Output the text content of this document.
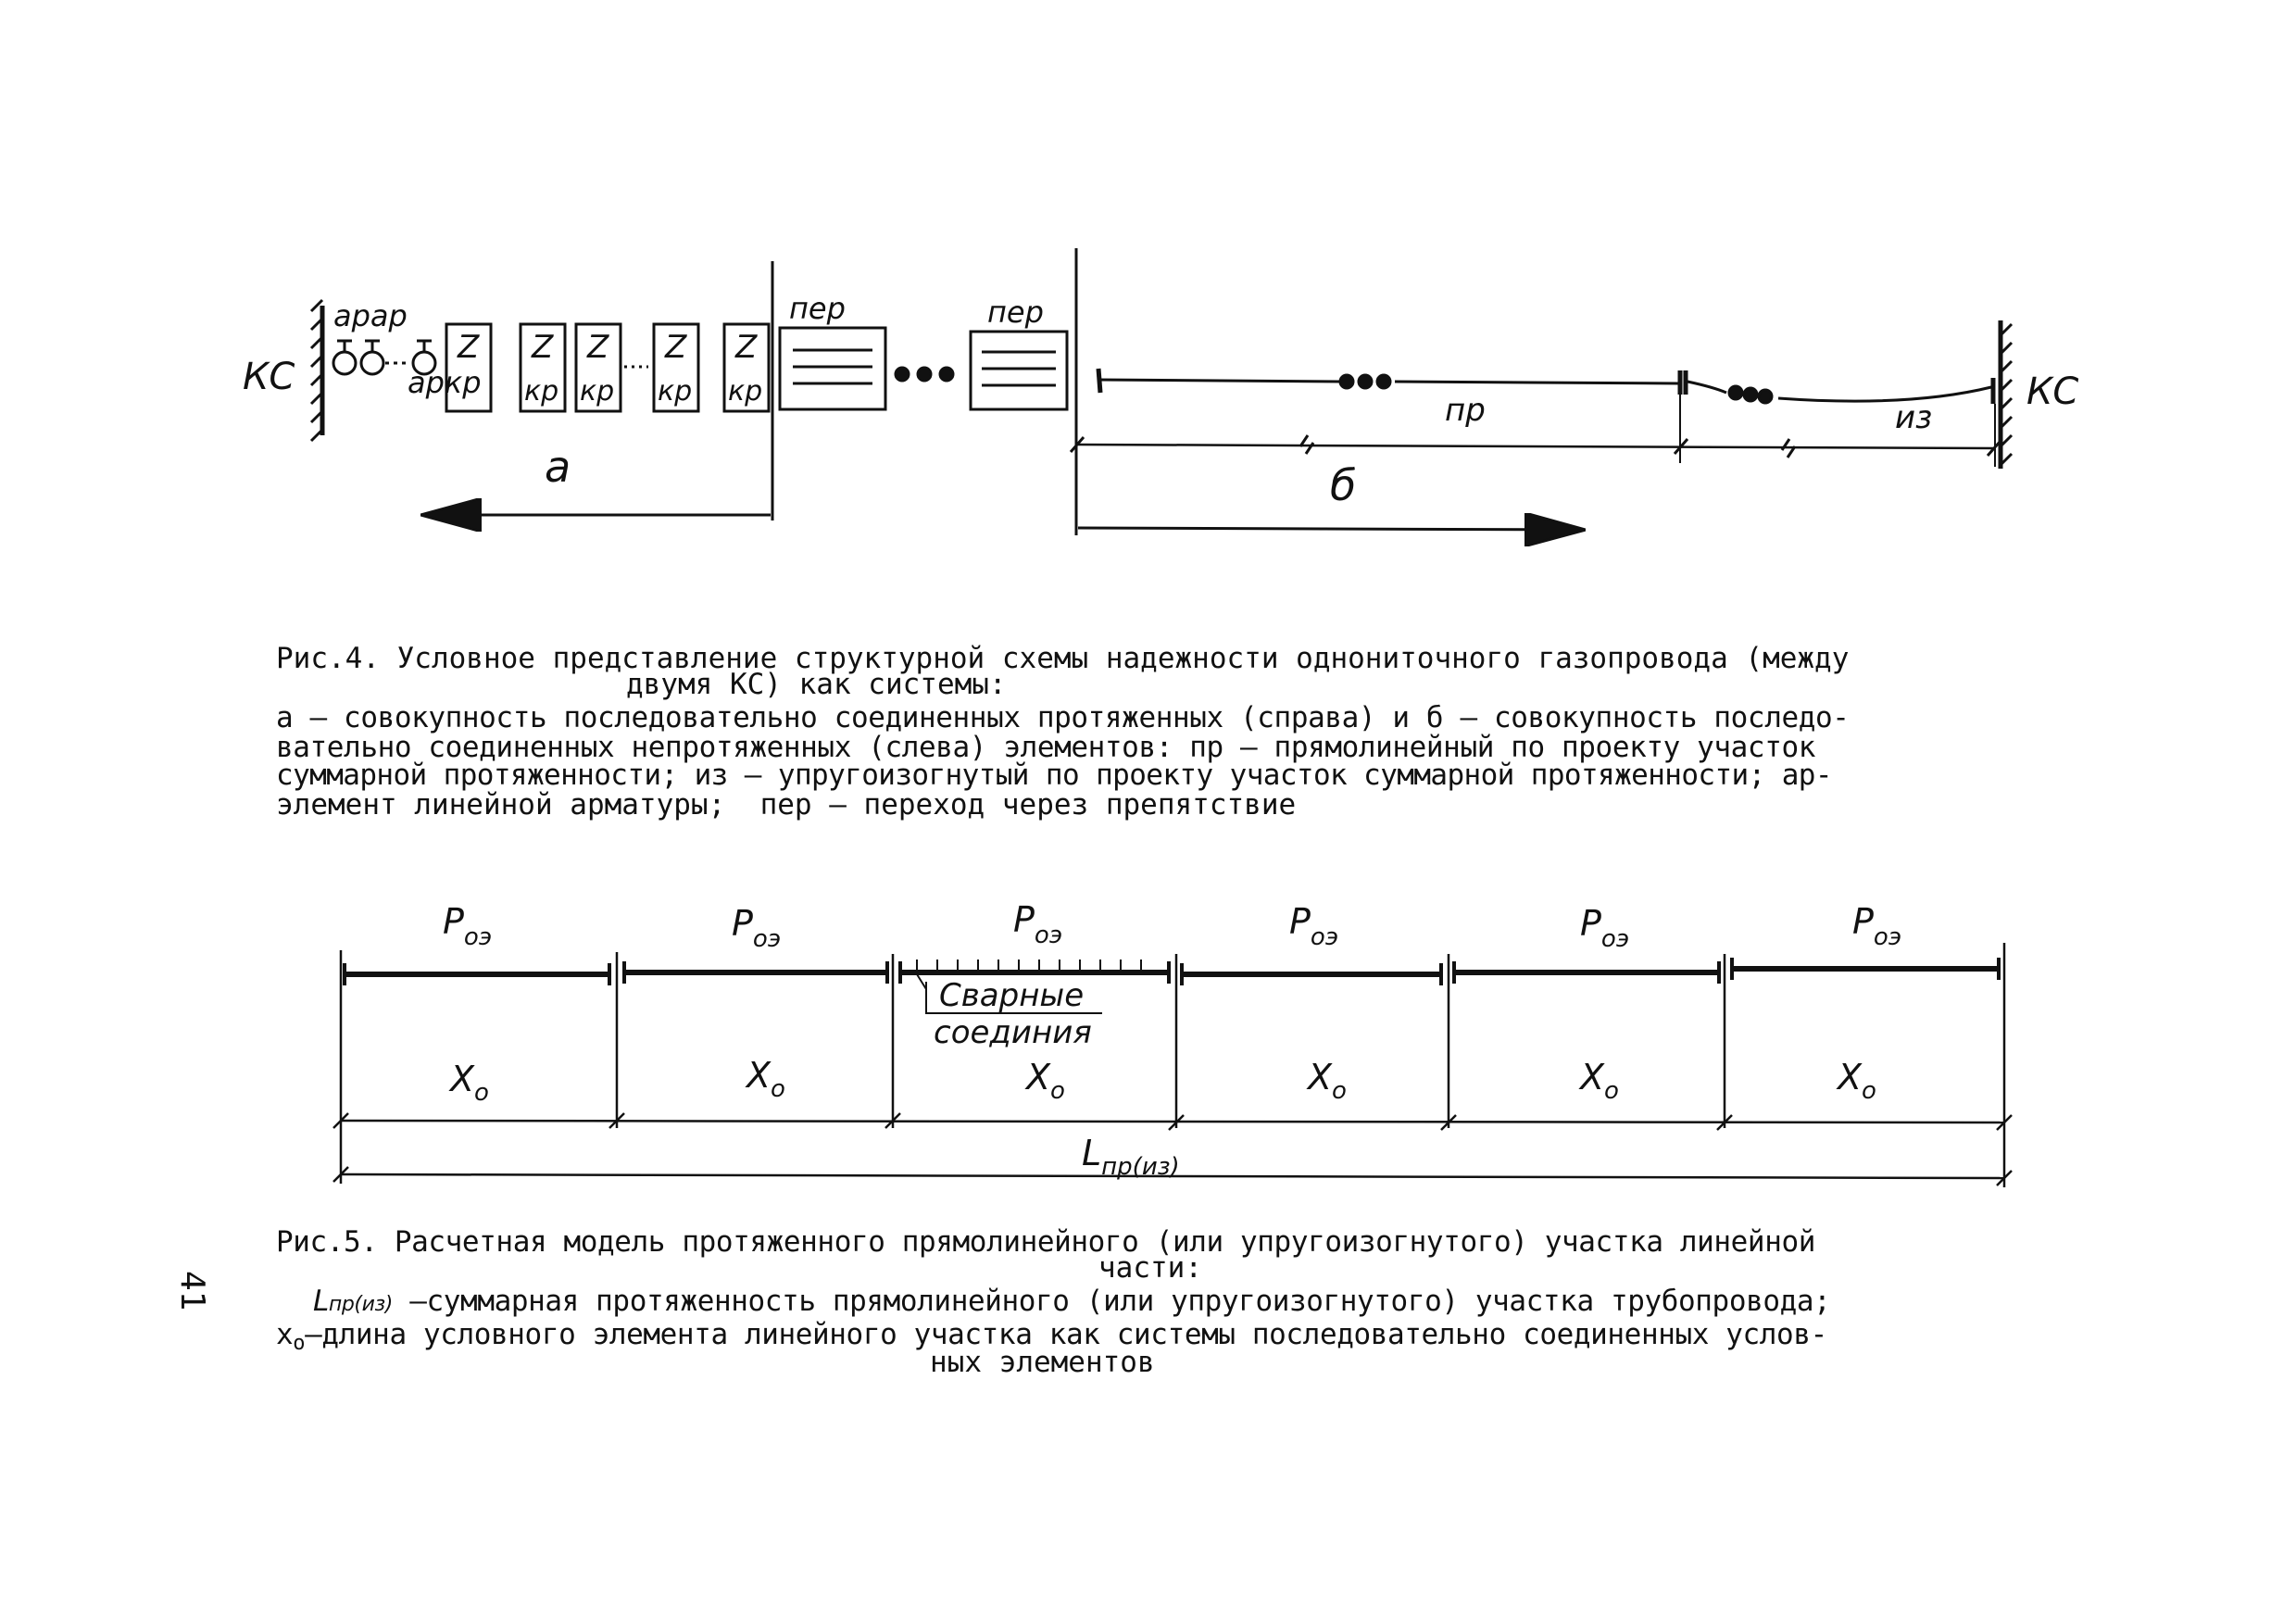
КС
арар
аркр
Z Z
кр
Z
кр
Z
кр
Z
кр
пер	пер
пр	из
КС
а	б
Сварные
соединия
$P_{оэ}$	$P_{оэ}$	$P_{оэ}$	$P_{оэ}$	$P_{оэ}$	$P_{оэ}$
$X_o$	$X_o$	$X_o$	$X_o$	$X_o$	$X_o$
$L_{пр(из)}$
Рис.4. Условное представление структурной схемы надежности однониточного газопровода (между
двумя КС) как системы:
а – совокупность последовательно соединенных протяженных (справа) и б – совокупность последо-
вательно соединенных непротяженных (слева) элементов: пр – прямолинейный по проекту участок
суммарной протяженности; из – упругоизогнутый по проекту участок суммарной протяженности; ар-
элемент линейной арматуры;  пер – переход через препятствие
Рис.5. Расчетная модель протяженного прямолинейного (или упругоизогнутого) участка линейной
части:
Lпр(из) –суммарная протяженность прямолинейного (или упругоизогнутого) участка трубопровода;
xо–длина условного элемента линейного участка как системы последовательно соединенных услов-
ных элементов
41
